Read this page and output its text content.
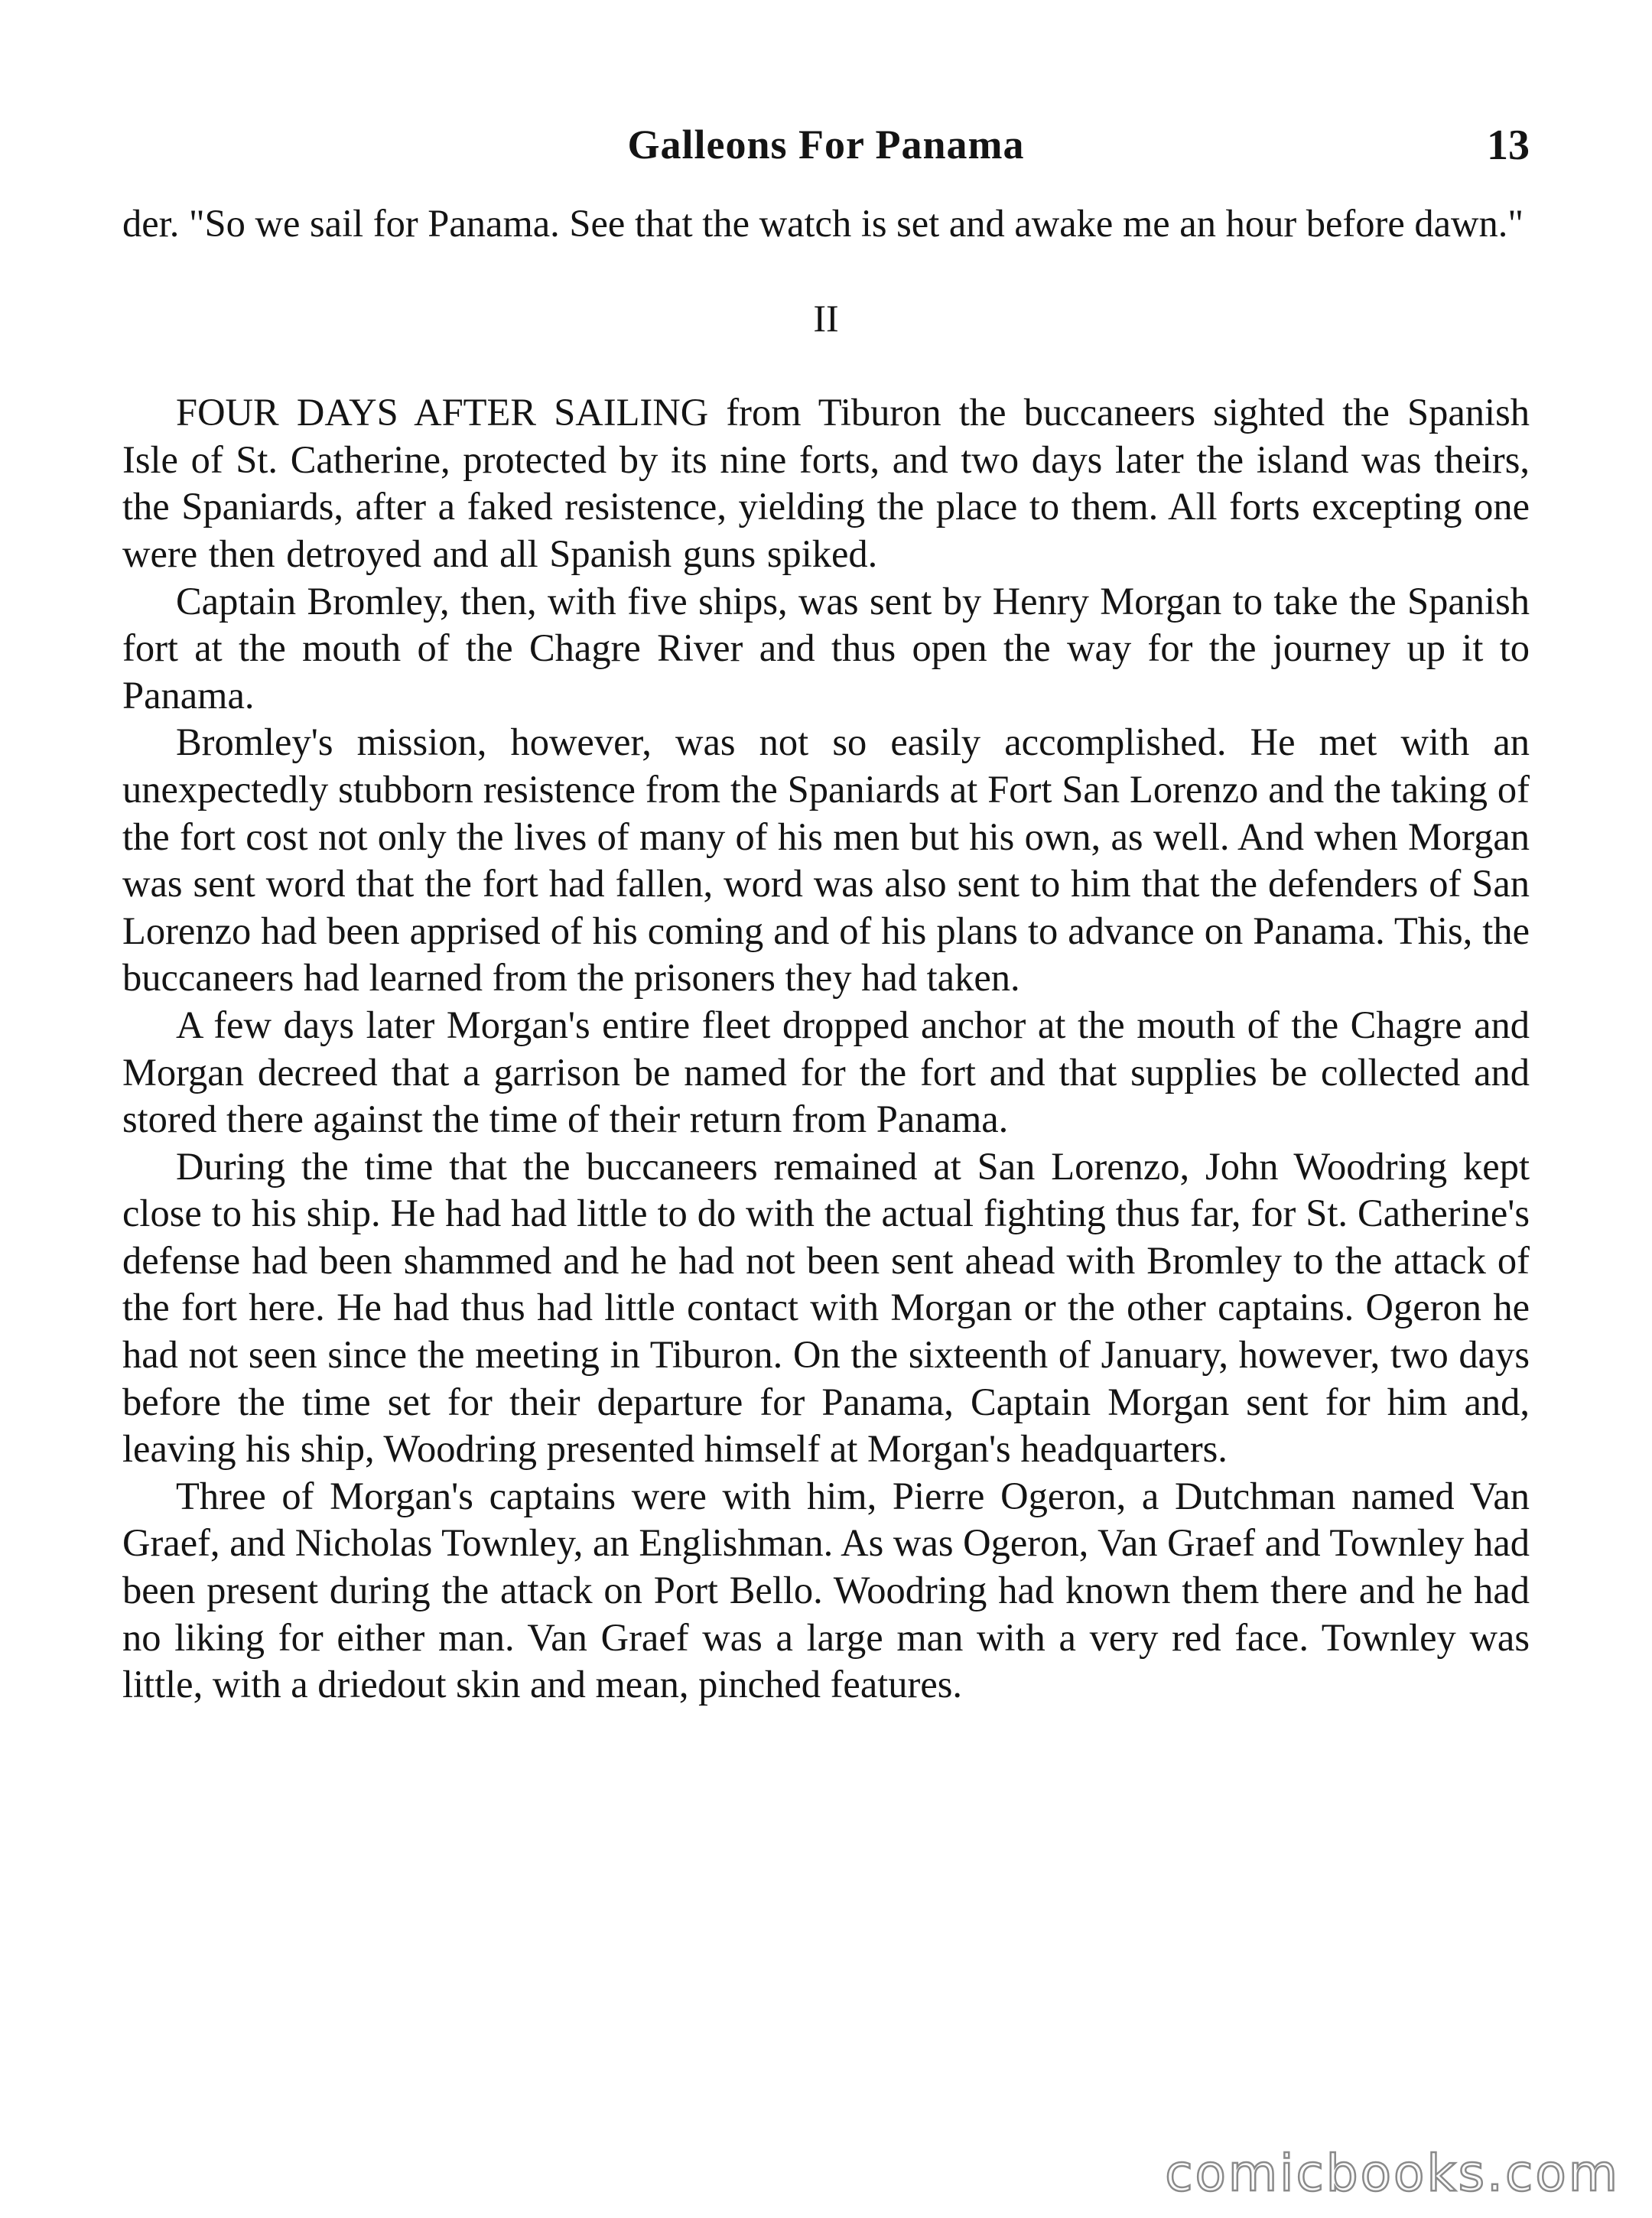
Galleons For Panama	13

der. "So we sail for Panama. See that the watch is set and awake me an hour before dawn."

II

FOUR DAYS AFTER SAILING from Tiburon the buccaneers sighted the Spanish Isle of St. Catherine, protected by its nine forts, and two days later the island was theirs, the Spaniards, after a faked resistence, yielding the place to them. All forts excepting one were then detroyed and all Spanish guns spiked.

Captain Bromley, then, with five ships, was sent by Henry Morgan to take the Spanish fort at the mouth of the Chagre River and thus open the way for the journey up it to Panama.

Bromley's mission, however, was not so easily accomplished. He met with an unexpectedly stubborn resistence from the Spaniards at Fort San Lorenzo and the taking of the fort cost not only the lives of many of his men but his own, as well. And when Morgan was sent word that the fort had fallen, word was also sent to him that the defenders of San Lorenzo had been apprised of his coming and of his plans to advance on Panama. This, the buccaneers had learned from the prisoners they had taken.

A few days later Morgan's entire fleet dropped anchor at the mouth of the Chagre and Morgan decreed that a garrison be named for the fort and that supplies be collected and stored there against the time of their return from Panama.

During the time that the buccaneers remained at San Lorenzo, John Woodring kept close to his ship. He had had little to do with the actual fighting thus far, for St. Catherine's defense had been shammed and he had not been sent ahead with Bromley to the attack of the fort here. He had thus had little contact with Morgan or the other captains. Ogeron he had not seen since the meeting in Tiburon. On the sixteenth of January, however, two days before the time set for their departure for Panama, Captain Morgan sent for him and, leaving his ship, Woodring presented himself at Morgan's headquarters.

Three of Morgan's captains were with him, Pierre Ogeron, a Dutchman named Van Graef, and Nicholas Townley, an Englishman. As was Ogeron, Van Graef and Townley had been present during the attack on Port Bello. Woodring had known them there and he had no liking for either man. Van Graef was a large man with a very red face. Townley was little, with a driedout skin and mean, pinched features.

comicbooks.com
